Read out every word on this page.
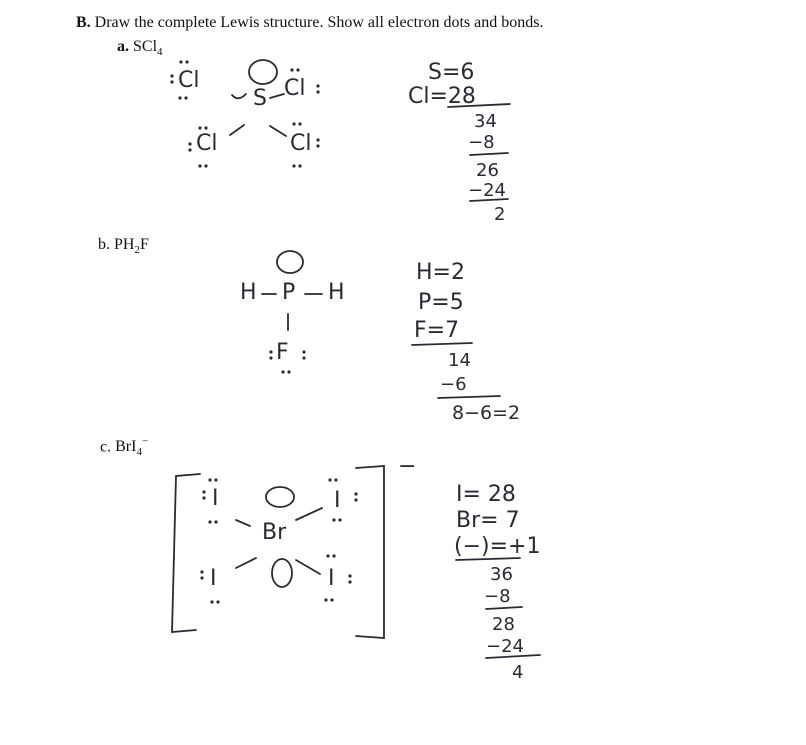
B. Draw the complete Lewis structure. Show all electron dots and bonds.
a. SCl$_4$
b. $PH_2F$
c. BrI$_4$−
Cl
S Cl
Cl	Cl
S=6
Cl=28
34
−8
26
−24
2
H P H
F
H=2
P=5
F=7
14
−6
8−6=2
I
Br
I
I	I
−
I= 28
Br= 7
(−)=+1
36
−8
28
−24
4
